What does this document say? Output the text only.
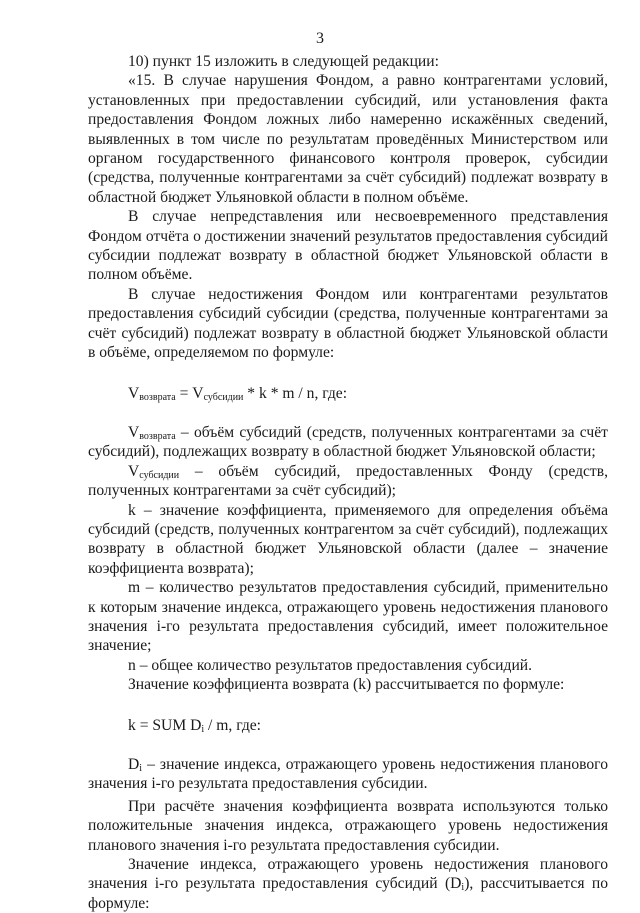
3

10) пункт 15 изложить в следующей редакции:

«15. В случае нарушения Фондом, а равно контрагентами условий, установленных при предоставлении субсидий, или установления факта предоставления Фондом ложных либо намеренно искажённых сведений, выявленных в том числе по результатам проведённых Министерством или органом государственного финансового контроля проверок, субсидии (средства, полученные контрагентами за счёт субсидий) подлежат возврату в областной бюджет Ульяновкой области в полном объёме.

В случае непредставления или несвоевременного представления Фондом отчёта о достижении значений результатов предоставления субсидий субсидии подлежат возврату в областной бюджет Ульяновской области в полном объёме.

В случае недостижения Фондом или контрагентами результатов предоставления субсидий субсидии (средства, полученные контрагентами за счёт субсидий) подлежат возврату в областной бюджет Ульяновской области в объёме, определяемом по формуле:

$V_{возврата} = V_{субсидии} * k * m / n$, где:

$V_{возврата}$ – объём субсидий (средств, полученных контрагентами за счёт субсидий), подлежащих возврату в областной бюджет Ульяновской области;

$V_{субсидии}$ – объём субсидий, предоставленных Фонду (средств, полученных контрагентами за счёт субсидий);

k – значение коэффициента, применяемого для определения объёма субсидий (средств, полученных контрагентом за счёт субсидий), подлежащих возврату в областной бюджет Ульяновской области (далее – значение коэффициента возврата);

m – количество результатов предоставления субсидий, применительно к которым значение индекса, отражающего уровень недостижения планового значения i-го результата предоставления субсидий, имеет положительное значение;

n – общее количество результатов предоставления субсидий.

Значение коэффициента возврата (k) рассчитывается по формуле:

k = SUM $D_i$ / m, где:

$D_i$ – значение индекса, отражающего уровень недостижения планового значения i-го результата предоставления субсидии.

При расчёте значения коэффициента возврата используются только положительные значения индекса, отражающего уровень недостижения планового значения i-го результата предоставления субсидии.

Значение индекса, отражающего уровень недостижения планового значения i-го результата предоставления субсидий $(D_i)$, рассчитывается по формуле:
